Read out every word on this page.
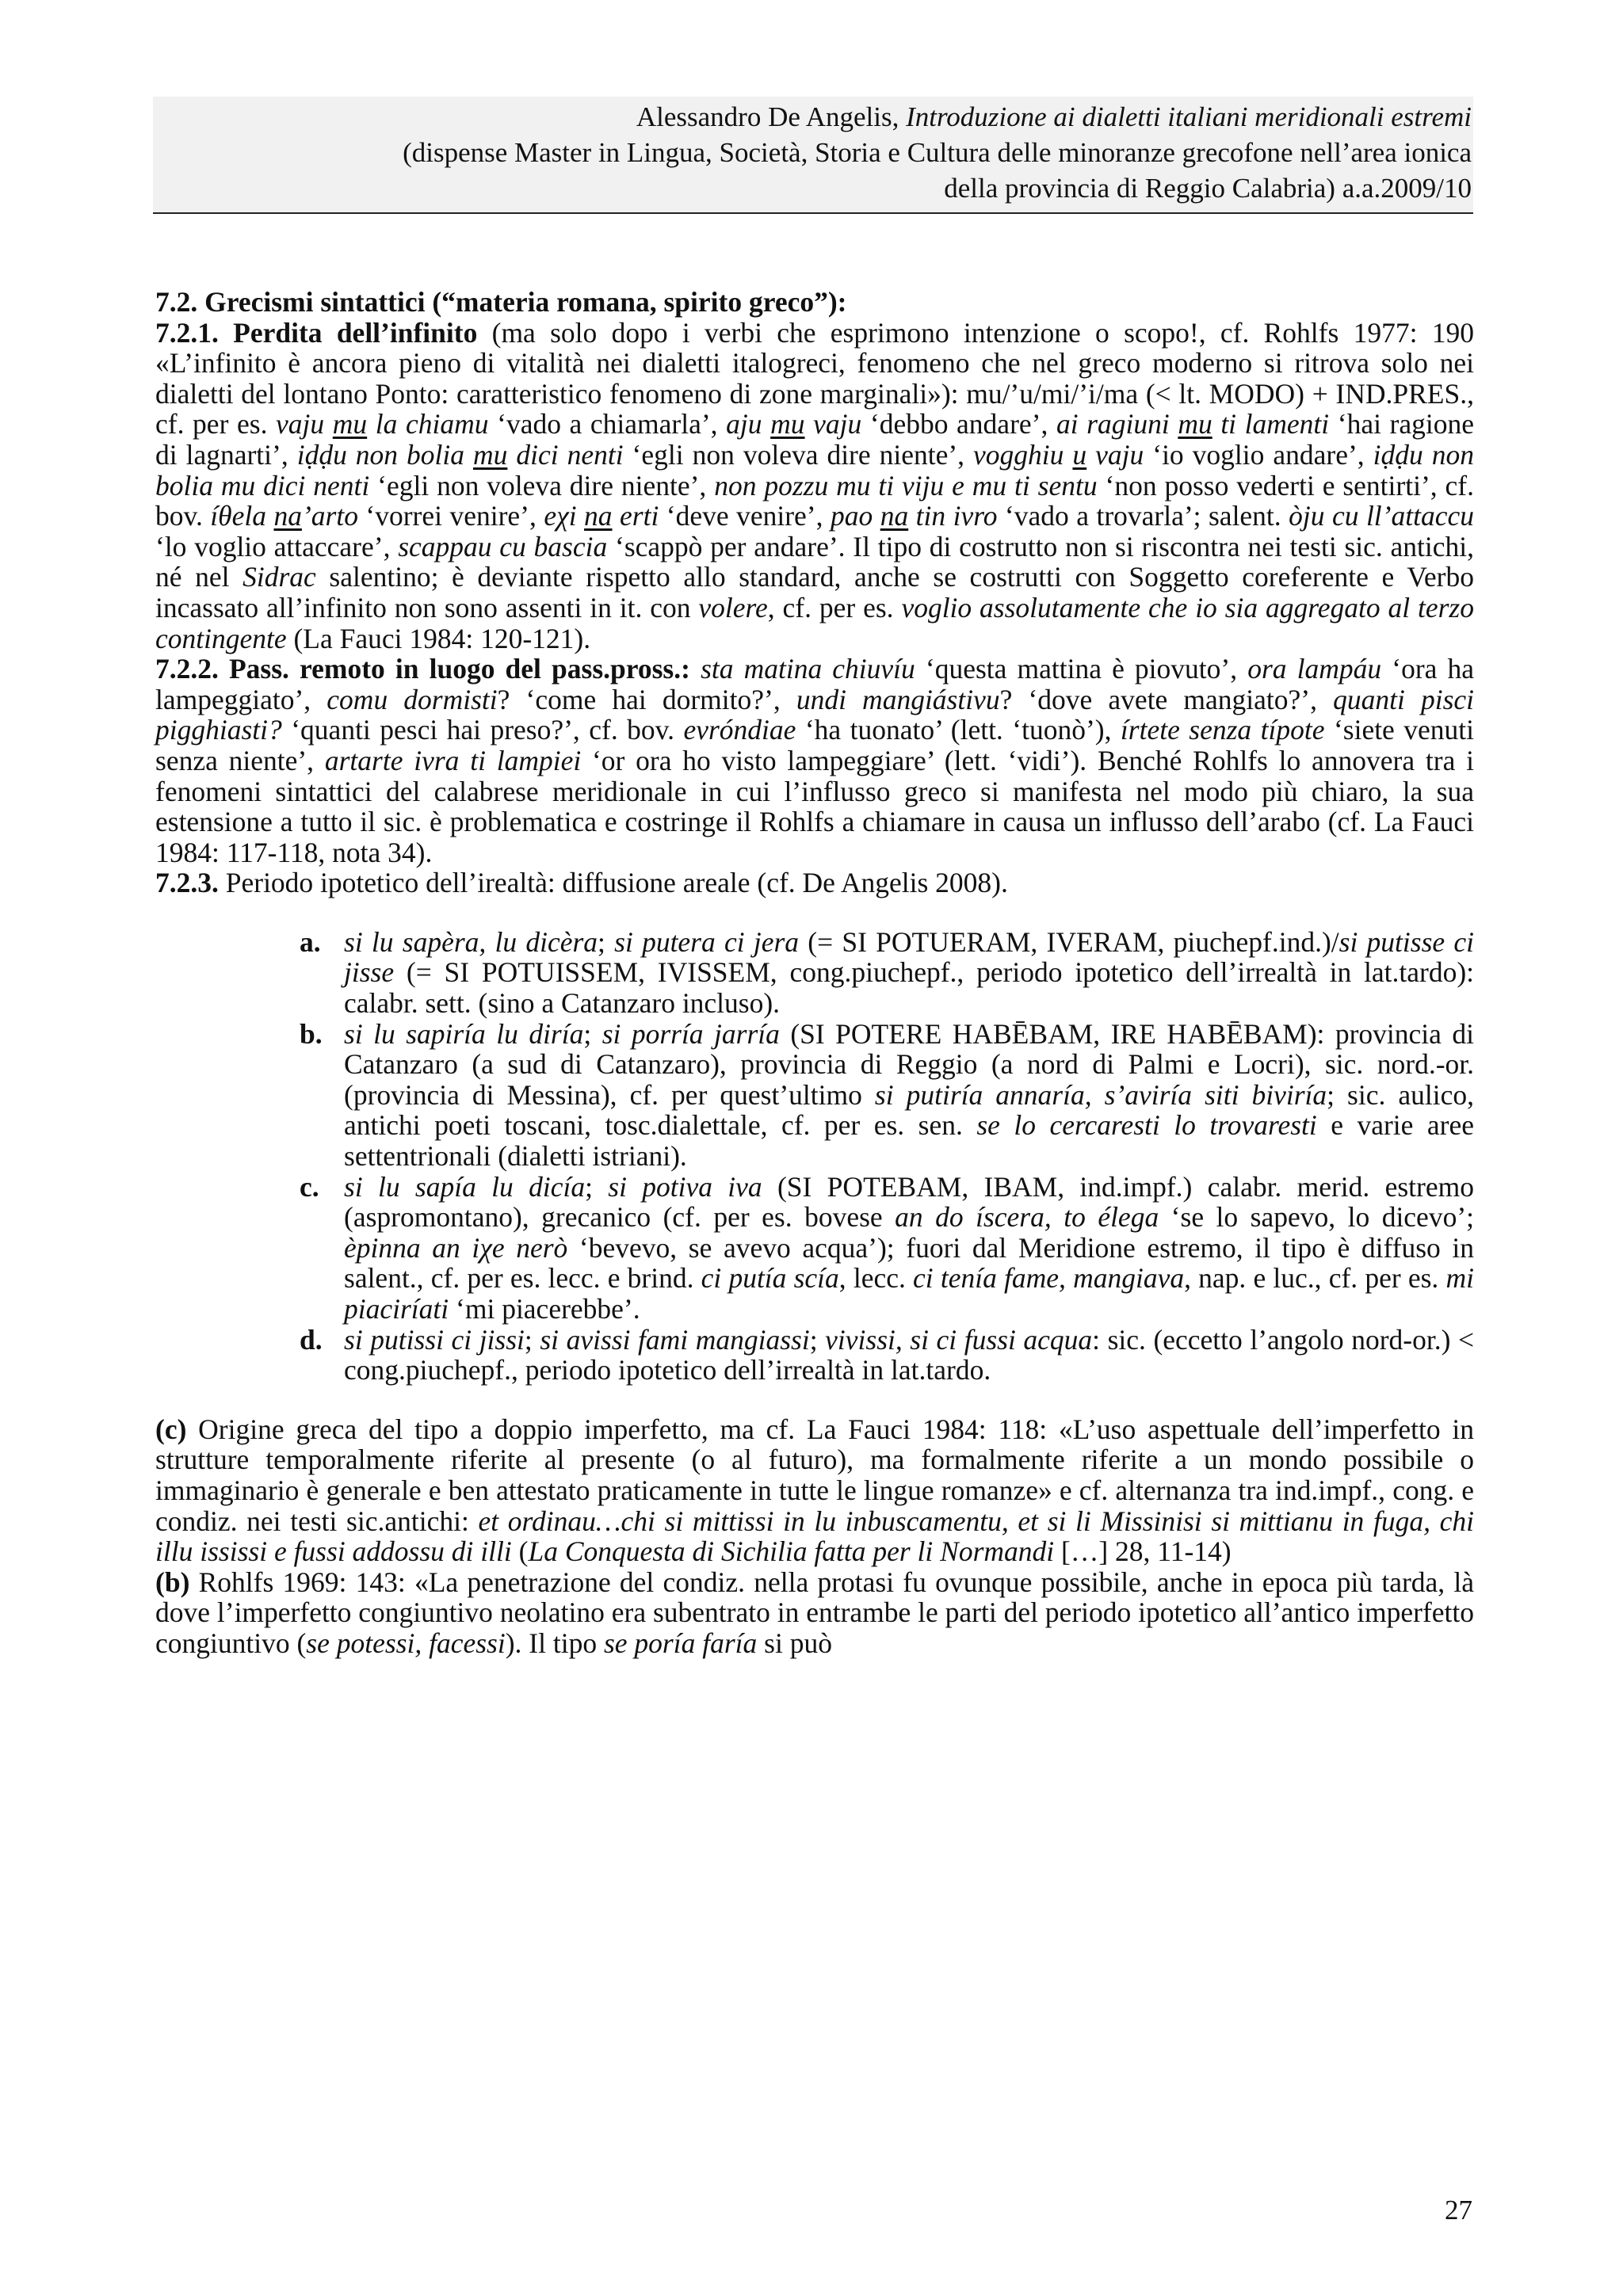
Alessandro De Angelis, Introduzione ai dialetti italiani meridionali estremi
(dispense Master in Lingua, Società, Storia e Cultura delle minoranze grecofone nell’area ionica
della provincia di Reggio Calabria) a.a.2009/10

7.2. Grecismi sintattici (“materia romana, spirito greco”):

7.2.1. Perdita dell’infinito (ma solo dopo i verbi che esprimono intenzione o scopo!, cf. Rohlfs 1977: 190 «L’infinito è ancora pieno di vitalità nei dialetti italogreci, fenomeno che nel greco moderno si ritrova solo nei dialetti del lontano Ponto: caratteristico fenomeno di zone marginali»): mu/’u/mi/’i/ma (< lt. MODO) + IND.PRES., cf. per es. vaju mu la chiamu ‘vado a chiamarla’, aju mu vaju ‘debbo andare’, ai ragiuni mu ti lamenti ‘hai ragione di lagnarti’, iḍḍu non bolia mu dici nenti ‘egli non voleva dire niente’, vogghiu u vaju ‘io voglio andare’, iḍḍu non bolia mu dici nenti ‘egli non voleva dire niente’, non pozzu mu ti viju e mu ti sentu ‘non posso vederti e sentirti’, cf. bov. íθela na’arto ‘vorrei venire’, eχi na erti ‘deve venire’, pao na tin ivro ‘vado a trovarla’; salent. òju cu ll’attaccu ‘lo voglio attaccare’, scappau cu bascia ‘scappò per andare’. Il tipo di costrutto non si riscontra nei testi sic. antichi, né nel Sidrac salentino; è deviante rispetto allo standard, anche se costrutti con Soggetto coreferente e Verbo incassato all’infinito non sono assenti in it. con volere, cf. per es. voglio assolutamente che io sia aggregato al terzo contingente (La Fauci 1984: 120-121).

7.2.2. Pass. remoto in luogo del pass.pross.: sta matina chiuvíu ‘questa mattina è piovuto’, ora lampáu ‘ora ha lampeggiato’, comu dormisti? ‘come hai dormito?’, undi mangiástivu? ‘dove avete mangiato?’, quanti pisci pigghiasti? ‘quanti pesci hai preso?’, cf. bov. evróndiae ‘ha tuonato’ (lett. ‘tuonò’), írtete senza típote ‘siete venuti senza niente’, artarte ivra ti lampiei ‘or ora ho visto lampeggiare’ (lett. ‘vidi’). Benché Rohlfs lo annovera tra i fenomeni sintattici del calabrese meridionale in cui l’influsso greco si manifesta nel modo più chiaro, la sua estensione a tutto il sic. è problematica e costringe il Rohlfs a chiamare in causa un influsso dell’arabo (cf. La Fauci 1984: 117-118, nota 34).

7.2.3. Periodo ipotetico dell’irealtà: diffusione areale (cf. De Angelis 2008).

a. si lu sapèra, lu dicèra; si putera ci jera (= SI POTUERAM, IVERAM, piuchepf.ind.)/si putisse ci jisse (= SI POTUISSEM, IVISSEM, cong.piuchepf., periodo ipotetico dell’irrealtà in lat.tardo): calabr. sett. (sino a Catanzaro incluso).
b. si lu sapiría lu diría; si porría jarría (SI POTERE HABĒBAM, IRE HABĒBAM): provincia di Catanzaro (a sud di Catanzaro), provincia di Reggio (a nord di Palmi e Locri), sic. nord.-or. (provincia di Messina), cf. per quest’ultimo si putiría annaría, s’aviría siti biviría; sic. aulico, antichi poeti toscani, tosc.dialettale, cf. per es. sen. se lo cercaresti lo trovaresti e varie aree settentrionali (dialetti istriani).
c. si lu sapía lu dicía; si potiva iva (SI POTEBAM, IBAM, ind.impf.) calabr. merid. estremo (aspromontano), grecanico (cf. per es. bovese an do íscera, to élega ‘se lo sapevo, lo dicevo’; èpinna an iχe nerò ‘bevevo, se avevo acqua’); fuori dal Meridione estremo, il tipo è diffuso in salent., cf. per es. lecc. e brind. ci putía scía, lecc. ci tenía fame, mangiava, nap. e luc., cf. per es. mi piaciríati ‘mi piacerebbe’.
d. si putissi ci jissi; si avissi fami mangiassi; vivissi, si ci fussi acqua: sic. (eccetto l’angolo nord-or.) < cong.piuchepf., periodo ipotetico dell’irrealtà in lat.tardo.

(c) Origine greca del tipo a doppio imperfetto, ma cf. La Fauci 1984: 118: «L’uso aspettuale dell’imperfetto in strutture temporalmente riferite al presente (o al futuro), ma formalmente riferite a un mondo possibile o immaginario è generale e ben attestato praticamente in tutte le lingue romanze» e cf. alternanza tra ind.impf., cong. e condiz. nei testi sic.antichi: et ordinau…chi si mittissi in lu inbuscamentu, et si li Missinisi si mittianu in fuga, chi illu ississi e fussi addossu di illi (La Conquesta di Sichilia fatta per li Normandi […] 28, 11-14)

(b) Rohlfs 1969: 143: «La penetrazione del condiz. nella protasi fu ovunque possibile, anche in epoca più tarda, là dove l’imperfetto congiuntivo neolatino era subentrato in entrambe le parti del periodo ipotetico all’antico imperfetto congiuntivo (se potessi, facessi). Il tipo se poría faría si può

27
